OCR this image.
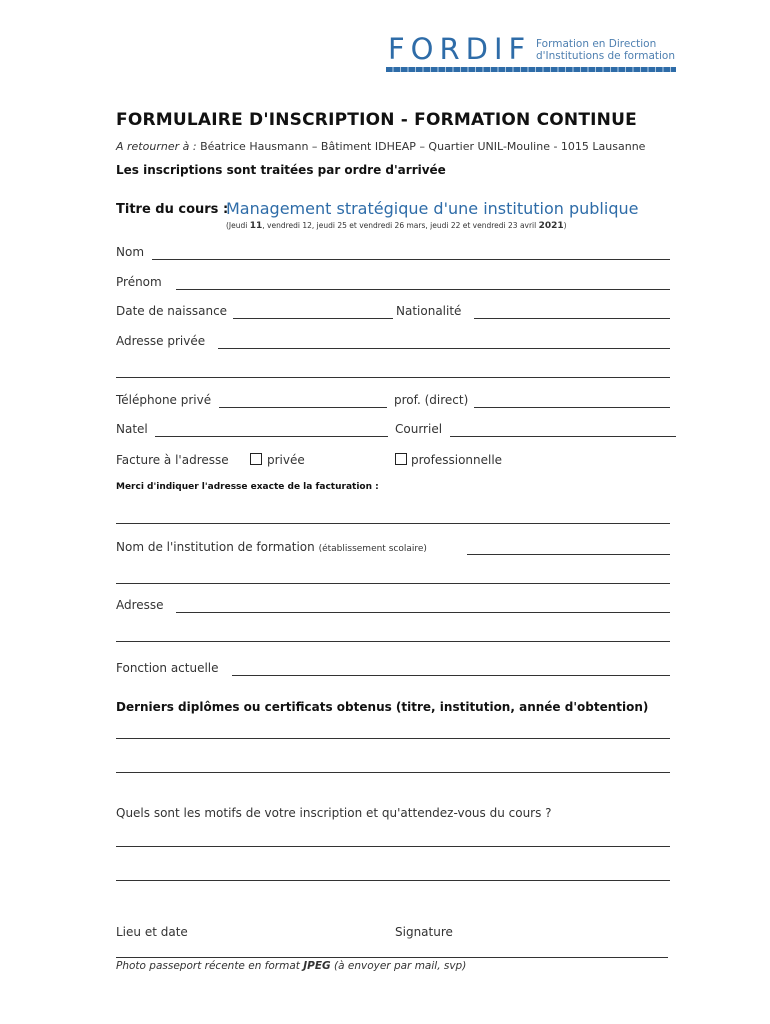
FORDIF Formation en Direction
d'Institutions de formation
FORMULAIRE D'INSCRIPTION - FORMATION CONTINUE
A retourner à : Béatrice Hausmann – Bâtiment IDHEAP – Quartier UNIL-Mouline - 1015 Lausanne
Les inscriptions sont traitées par ordre d'arrivée
Titre du cours :
Management stratégique d'une institution publique
(Jeudi 11, vendredi 12, jeudi 25 et vendredi 26 mars, jeudi 22 et vendredi 23 avril 2021)
Nom
Prénom
Date de naissance	Nationalité
Adresse privée
Téléphone privé	prof. (direct)
Natel	Courriel
Facture à l'adresse	privée	professionnelle
Merci d'indiquer l'adresse exacte de la facturation :
Nom de l'institution de formation (établissement scolaire)
Adresse
Fonction actuelle
Derniers diplômes ou certificats obtenus (titre, institution, année d'obtention)
Quels sont les motifs de votre inscription et qu'attendez-vous du cours ?
Lieu et date	Signature
Photo passeport récente en format JPEG (à envoyer par mail, svp)
